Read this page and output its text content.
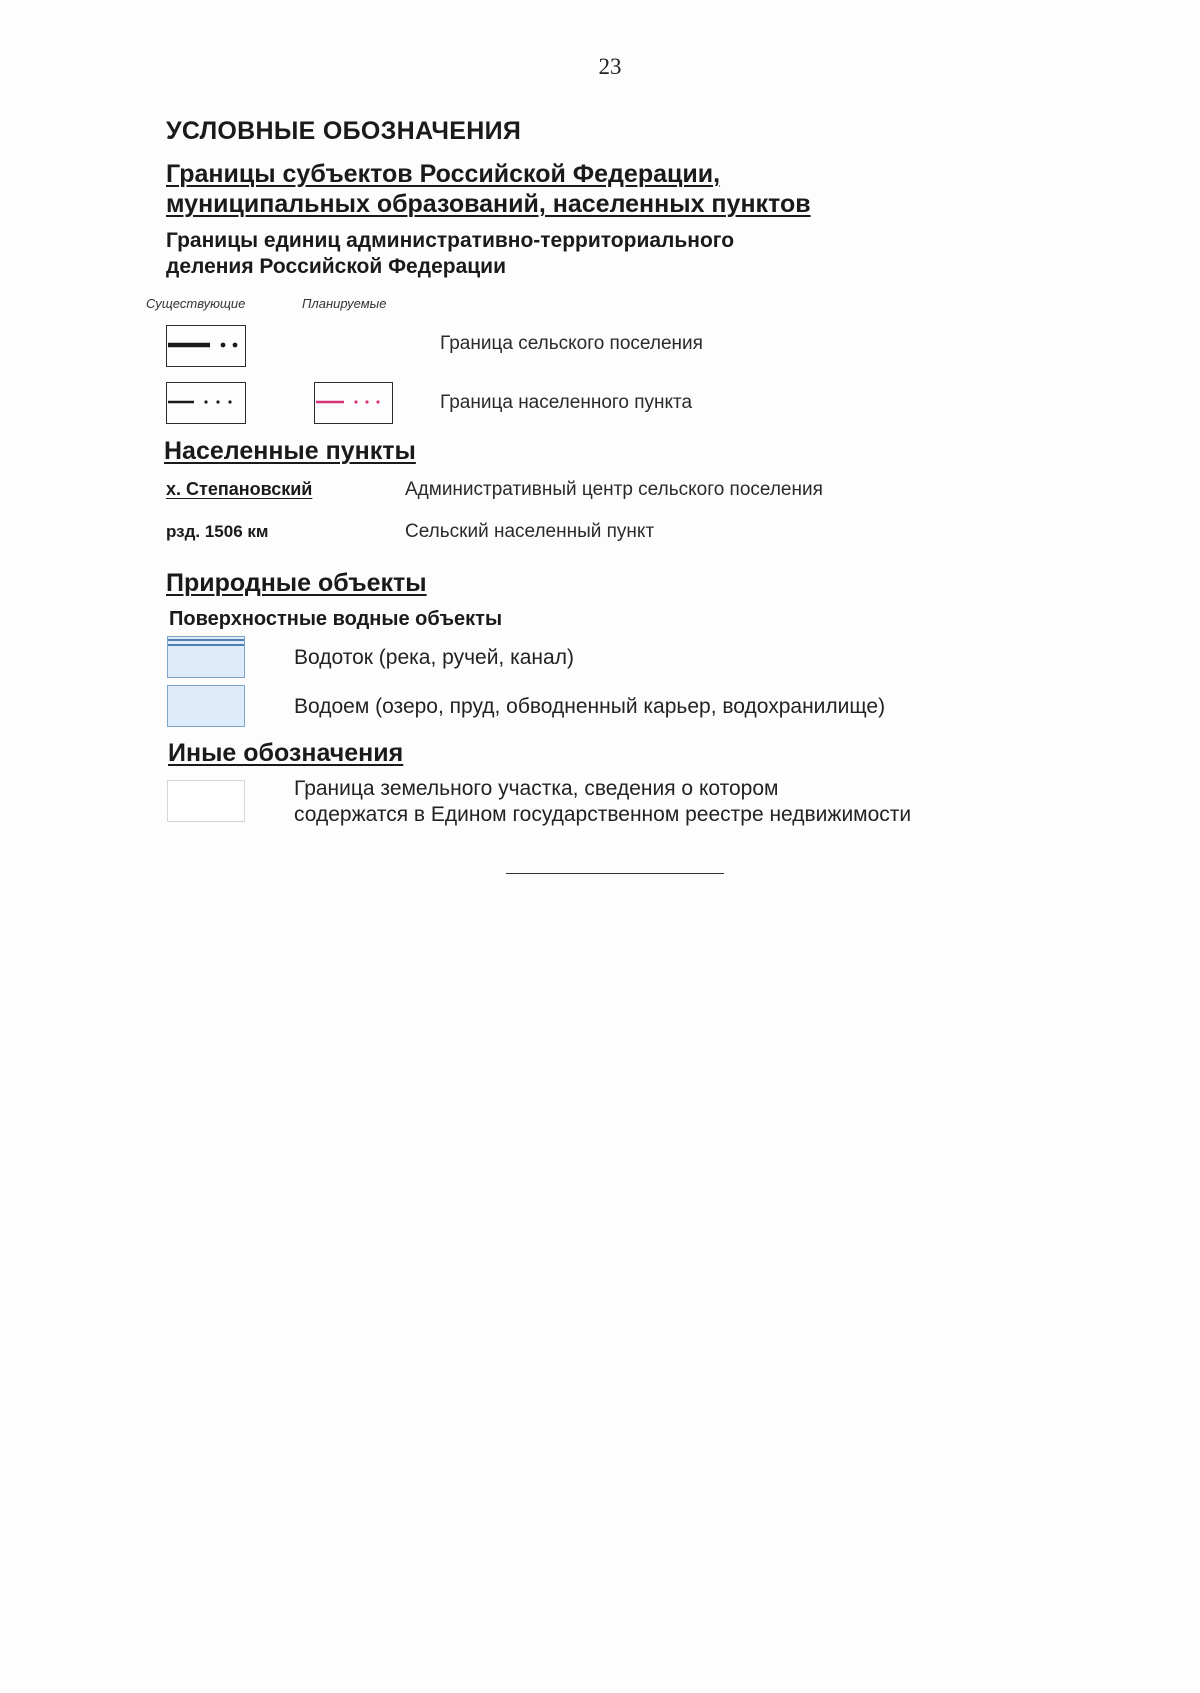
23
УСЛОВНЫЕ ОБОЗНАЧЕНИЯ
Границы субъектов Российской Федерации,
муниципальных образований, населенных пунктов
Границы единиц административно-территориального
деления Российской Федерации
Существующие	Планируемые
Граница сельского поселения
Граница населенного пункта
Населенные пункты
х. Степановский	Административный центр сельского поселения
рзд. 1506 км	Сельский населенный пункт
Природные объекты
Поверхностные водные объекты
Водоток (река, ручей, канал)
Водоем (озеро, пруд, обводненный карьер, водохранилище)
Иные обозначения
Граница земельного участка, сведения о котором
содержатся в Едином государственном реестре недвижимости
